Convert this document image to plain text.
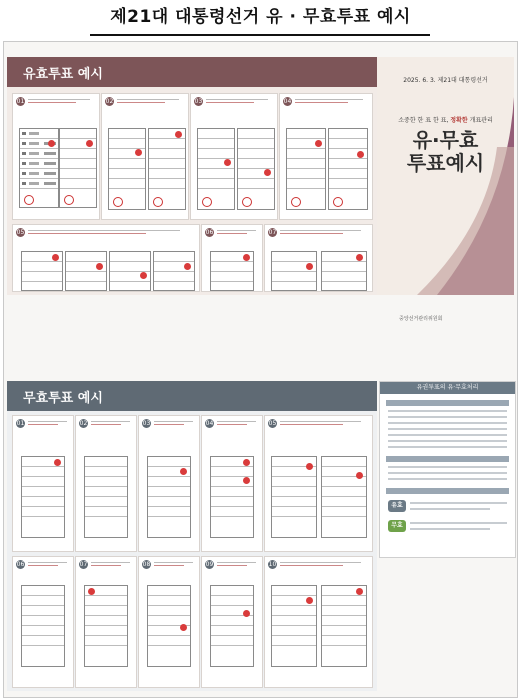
제21대 대통령선거 유 · 무효투표 예시
유효투표 예시
01	02	03	04
05	06	07
2025. 6. 3. 제21대 대통령선거
소중한 한 표 한 표, 정확한 개표관리
유·무효
투표예시
중앙선거관리위원회
무효투표 예시
01	02	03	04	05
06	07	08	09	10
유권투표의 유·무효처리
유효
무효
